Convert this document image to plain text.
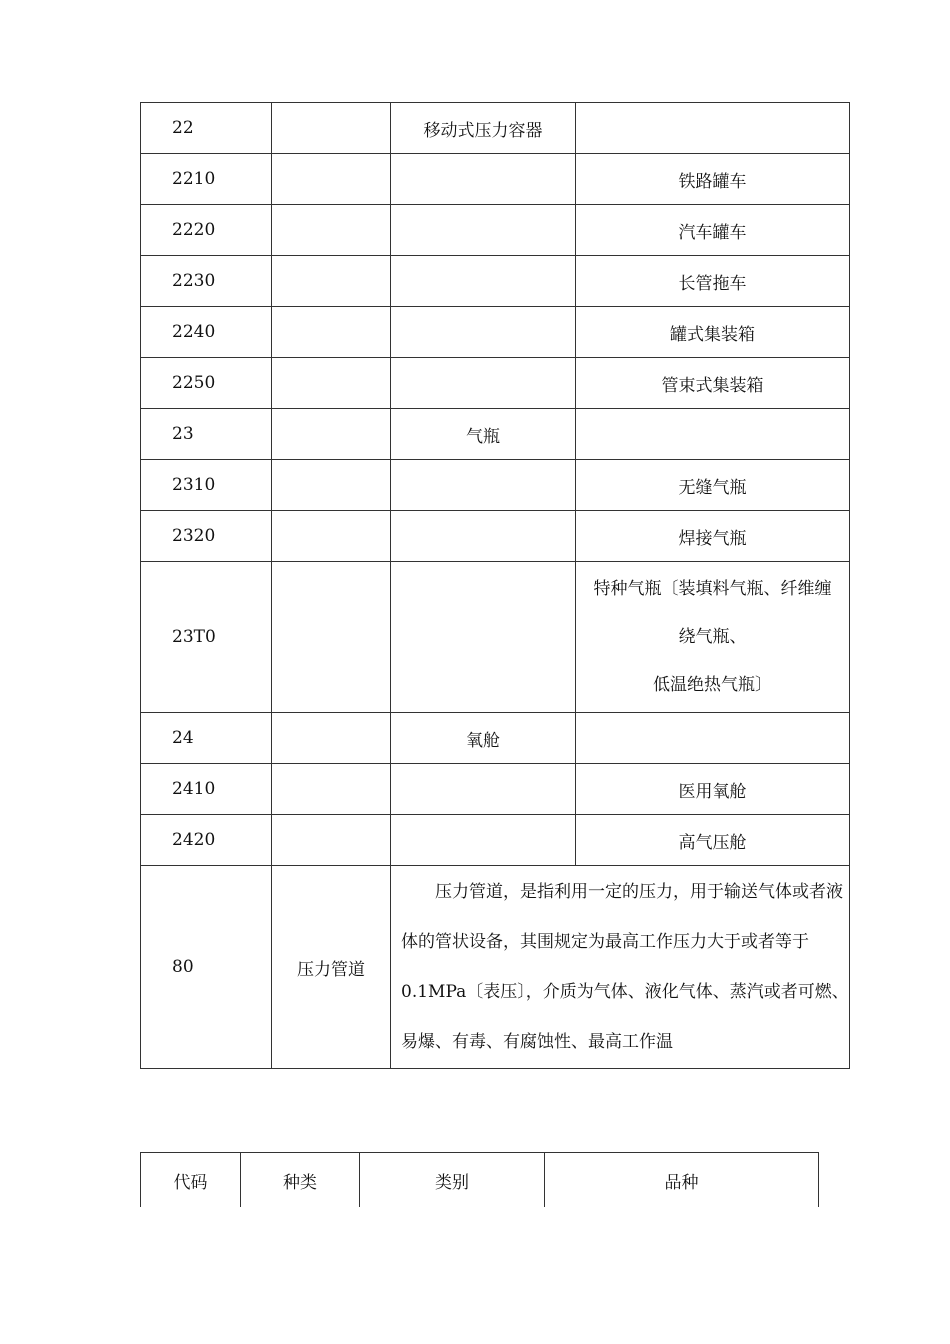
22		移动式压力容器	
2210			铁路罐车
2220			汽车罐车
2230			长管拖车
2240			罐式集装箱
2250			管束式集装箱
23		气瓶	
2310			无缝气瓶
2320			焊接气瓶
23T0			特种气瓶〔装填料气瓶、纤维缠
绕气瓶、
低温绝热气瓶〕

24		氧舱	
2410			医用氧舱
2420			高气压舱
80	压力管道	压力管道，是指利用一定的压力，用于输送气体或者液体的管状设备，其围规定为最高工作压力大于或者等于0.1MPa〔表压〕，介质为气体、液化气体、蒸汽或者可燃、易爆、有毒、有腐蚀性、最高工作温	
代码	种类	类别	品种
